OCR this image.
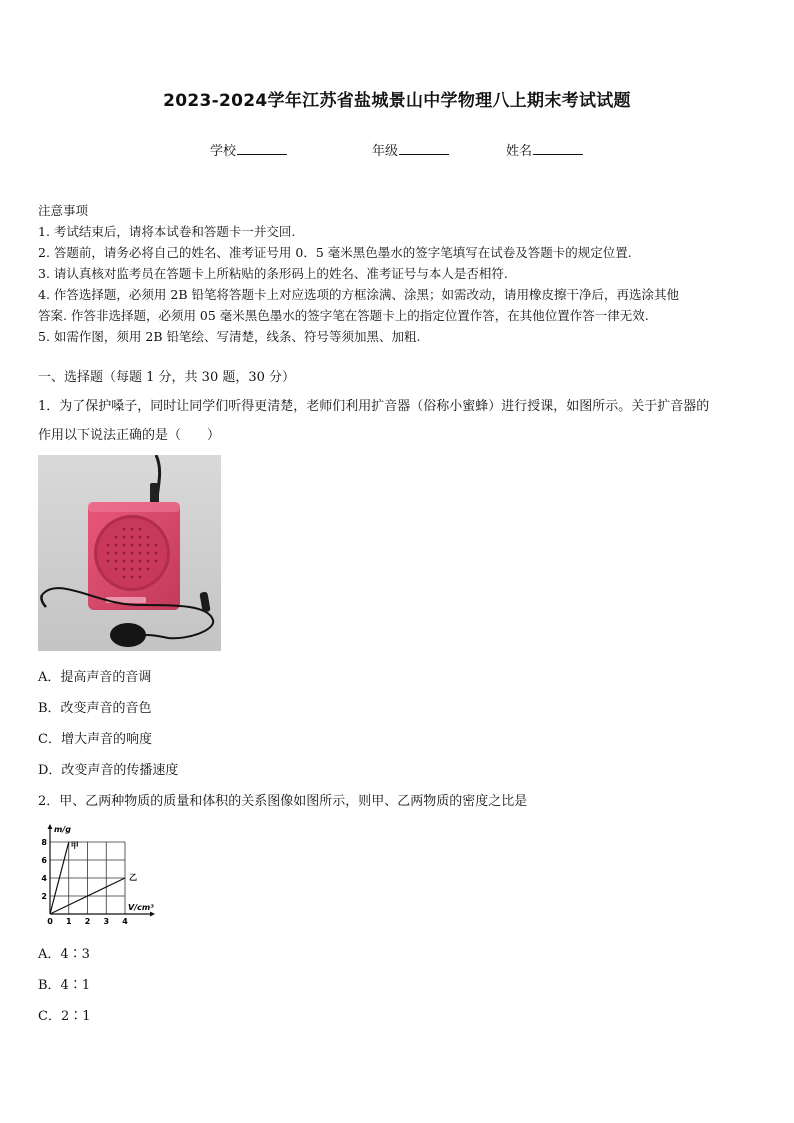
2023-2024学年江苏省盐城景山中学物理八上期末考试试题
学校	年级	姓名

注意事项

1. 考试结束后，请将本试卷和答题卡一并交回.

2. 答题前，请务必将自己的姓名、准考证号用 0．5 毫米黑色墨水的签字笔填写在试卷及答题卡的规定位置.

3. 请认真核对监考员在答题卡上所粘贴的条形码上的姓名、准考证号与本人是否相符.

4. 作答选择题，必须用 2B 铅笔将答题卡上对应选项的方框涂满、涂黑；如需改动，请用橡皮擦干净后，再选涂其他

答案. 作答非选择题，必须用 05 毫米黑色墨水的签字笔在答题卡上的指定位置作答，在其他位置作答一律无效.

5. 如需作图，须用 2B 铅笔绘、写清楚，线条、符号等须加黑、加粗.

一、选择题（每题 1 分，共 30 题，30 分）

1．为了保护嗓子，同时让同学们听得更清楚，老师们利用扩音器（俗称小蜜蜂）进行授课，如图所示。关于扩音器的

作用以下说法正确的是（　　）

A．提高声音的音调

B．改变声音的音色

C．增大声音的响度

D．改变声音的传播速度

2．甲、乙两种物质的质量和体积的关系图像如图所示，则甲、乙两物质的密度之比是
0 1 2 3 4
2
4
6
8	甲
乙
m/g
V/cm³

A．4∶3

B．4∶1

C．2∶1
